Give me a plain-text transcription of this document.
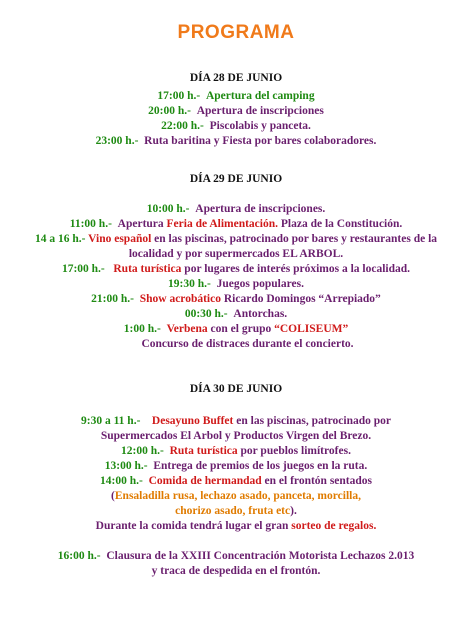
PROGRAMA
DÍA 28 DE JUNIO
17:00 h.- Apertura del camping
20:00 h.- Apertura de inscripciones
22:00 h.- Piscolabis y panceta.
23:00 h.- Ruta baritina y Fiesta por bares colaboradores.
DÍA 29 DE JUNIO
10:00 h.- Apertura de inscripciones.
11:00 h.- Apertura Feria de Alimentación. Plaza de la Constitución.
14 a 16 h.- Vino español en las piscinas, patrocinado por bares y restaurantes de la
localidad y por supermercados EL ARBOL.
17:00 h.- Ruta turística por lugares de interés próximos a la localidad.
19:30 h.- Juegos populares.
21:00 h.- Show acrobático Ricardo Domingos “Arrepiado”
00:30 h.- Antorchas.
1:00 h.- Verbena con el grupo “COLISEUM”
Concurso de distraces durante el concierto.
DÍA 30 DE JUNIO
9:30 a 11 h.- Desayuno Buffet en las piscinas, patrocinado por
Supermercados El Arbol y Productos Virgen del Brezo.
12:00 h.- Ruta turística por pueblos limítrofes.
13:00 h.- Entrega de premios de los juegos en la ruta.
14:00 h.- Comida de hermandad en el frontón sentados
(Ensaladilla rusa, lechazo asado, panceta, morcilla,
chorizo asado, fruta etc).
Durante la comida tendrá lugar el gran sorteo de regalos.
16:00 h.- Clausura de la XXIII Concentración Motorista Lechazos 2.013
y traca de despedida en el frontón.
